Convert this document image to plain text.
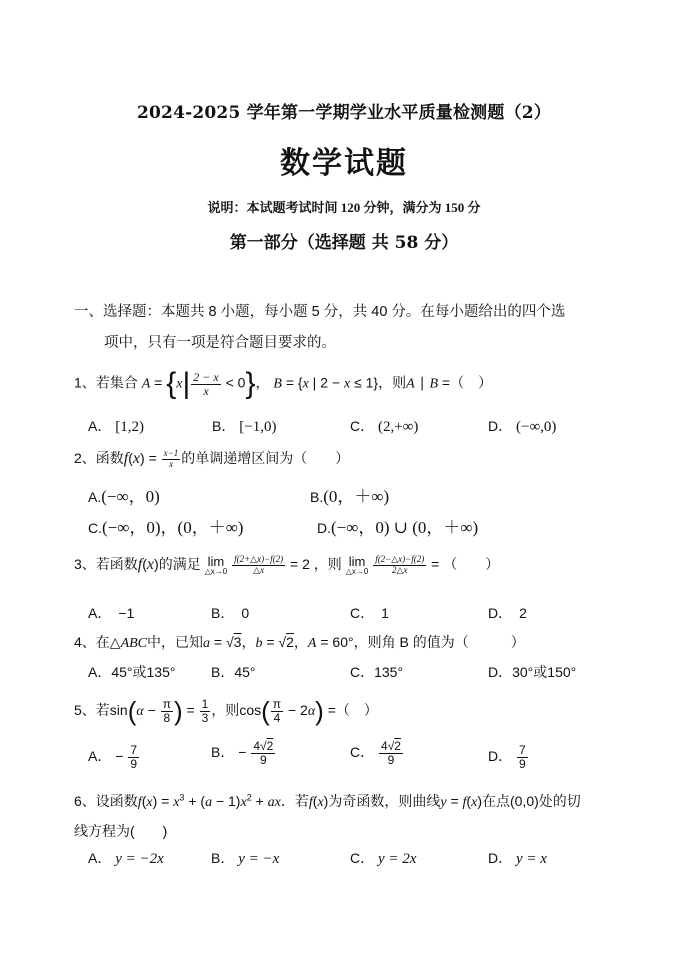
2024-2025 学年第一学期学业水平质量检测题（2）
数学试题
说明：本试题考试时间 120 分钟，满分为 150 分
第一部分（选择题 共 58 分）
一、选择题：本题共 8 小题，每小题 5 分，共 40 分。在每小题给出的四个选
项中，只有一项是符合题目要求的。
1、若集合 $A = \{x| \frac{2 - x}{x} < 0\}$， B = {x | 2 − x ≤ 1}，则A ∣ B =（　）
A． [1,2)	B． [−1,0)	C． (2,+∞)	D． (−∞,0)
2、函数$f(x) = \frac{x-1}{x}$ 的单调递增区间为（　　）
A.(−∞，0)	B.(0，＋∞)
C.(−∞，0)，(0，＋∞)	D.(−∞，0) ∪ (0，＋∞)
3、若函数f(x)的满足 lim
△x→0
$\frac{f(2+\triangle x)-f(2)}{\triangle x} = 2$ ，则 lim
△x→0
$\frac{f(2-\triangle x)-f(2)}{2\triangle x}$ = （　　）
A．　 −1	B．　 0	C．　 1	D．　 2
4、在△ABC中，已知a = √3，b = √2，A = 60°，则角 B 的值为（　　　）
A．45°或135°	B．45°	C．135°	D．30°或150°
5、若$\sin(\alpha - \frac{\pi}{8}$ ) = $\frac{1}{3}$ ，则$\cos( \frac{\pi}{4} - 2\alpha)$ =（　）
A． − $\frac{7}{9}$	B． − $\frac{4√2}{9}$	C． $\frac{4√2}{9}$	D． $\frac{7}{9}$
6、设函数$f(x) = x^3 + (a - 1)x^2$ + ax．若f(x)为奇函数，则曲线y = f(x)在点(0,0)处的切
线方程为(　　)
A． y = −2x	B． y = −x	C． y = 2x	D． y = x
